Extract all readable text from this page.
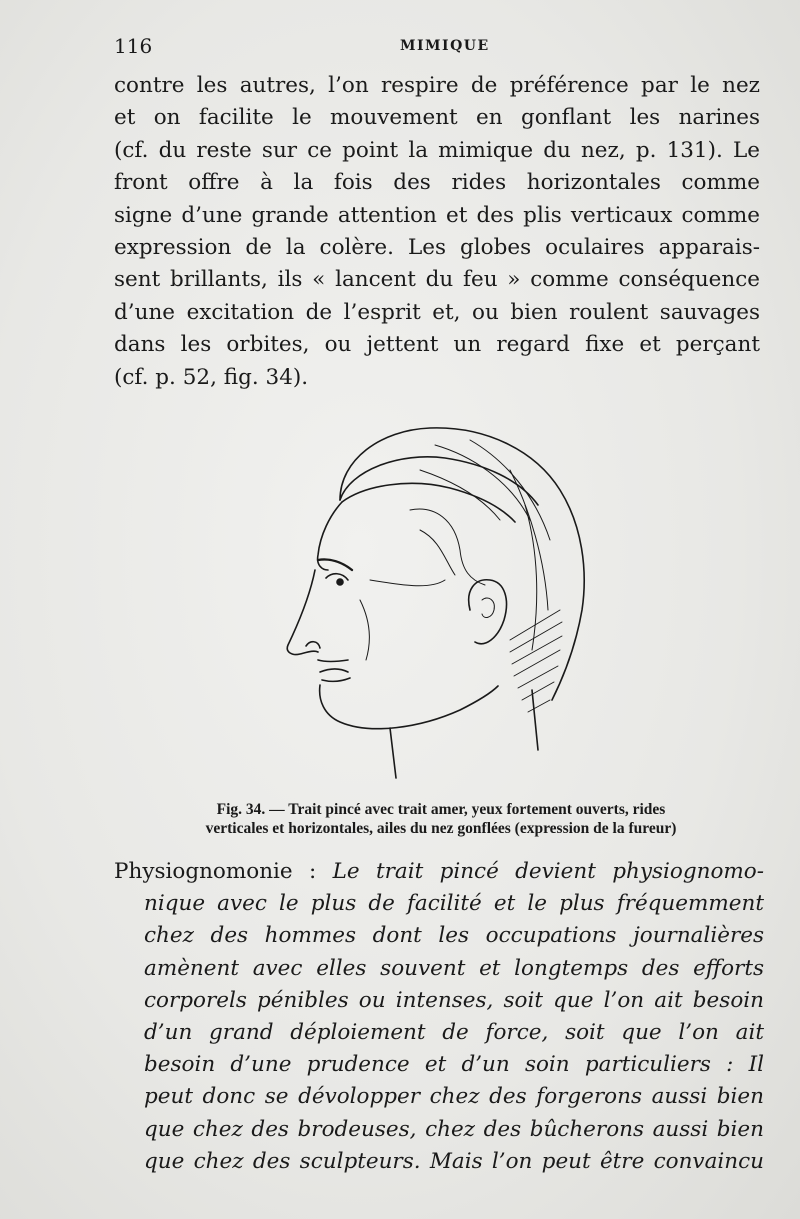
116	MIMIQUE
contre les autres, l’on respire de préférence par le nez
et on facilite le mouvement en gonflant les narines
(cf. du reste sur ce point la mimique du nez, p. 131). Le
front offre à la fois des rides horizontales comme
signe d’une grande attention et des plis verticaux comme
expression de la colère. Les globes oculaires apparais-
sent brillants, ils « lancent du feu » comme conséquence
d’une excitation de l’esprit et, ou bien roulent sauvages
dans les orbites, ou jettent un regard fixe et perçant
(cf. p. 52, fig. 34).
Fig. 34. — Trait pincé avec trait amer, yeux fortement ouverts, rides
verticales et horizontales, ailes du nez gonflées (expression de la fureur)
Physiognomonie : Le trait pincé devient physiognomo-
nique avec le plus de facilité et le plus fréquemment
chez des hommes dont les occupations journalières
amènent avec elles souvent et longtemps des efforts
corporels pénibles ou intenses, soit que l’on ait besoin
d’un grand déploiement de force, soit que l’on ait
besoin d’une prudence et d’un soin particuliers : Il
peut donc se dévolopper chez des forgerons aussi bien
que chez des brodeuses, chez des bûcherons aussi bien
que chez des sculpteurs. Mais l’on peut être convaincu
